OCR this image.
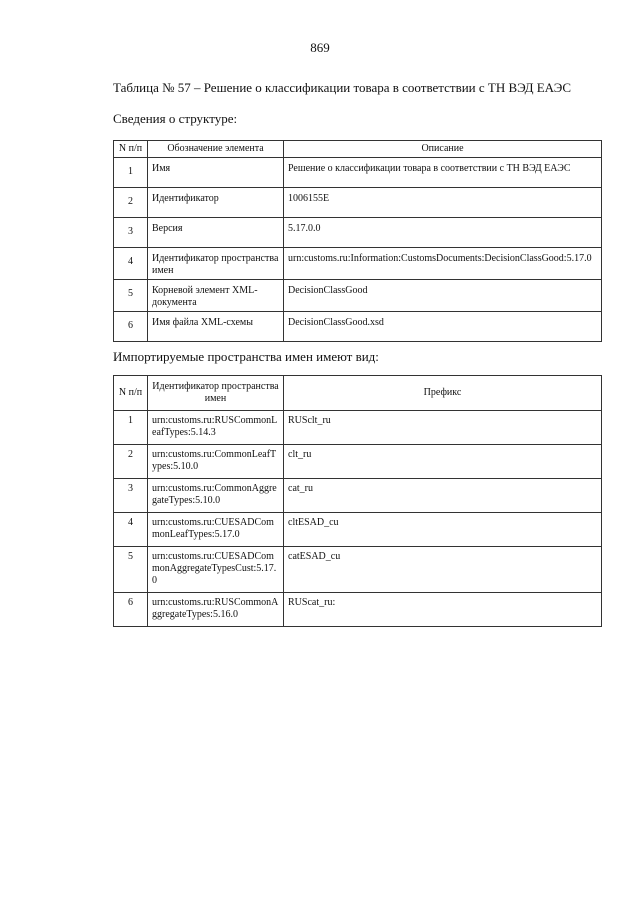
869
Таблица № 57 – Решение о классификации товара в соответствии с ТН ВЭД ЕАЭС
Сведения о структуре:
N п/п	Обозначение элемента	Описание
1	Имя	Решение о классификации товара в соответствии с ТН ВЭД ЕАЭС
2	Идентификатор	1006155E
3	Версия	5.17.0.0
4	Идентификатор пространства имен	urn:customs.ru:Information:CustomsDocuments:DecisionClassGood:5.17.0
5	Корневой элемент XML-документа	DecisionClassGood
6	Имя файла XML-схемы	DecisionClassGood.xsd
Импортируемые пространства имен имеют вид:
N п/п	Идентификатор пространства имен	Префикс
1	urn:customs.ru:RUSCommonLeafTypes:5.14.3	RUSclt_ru
2	urn:customs.ru:CommonLeafTypes:5.10.0	clt_ru
3	urn:customs.ru:CommonAggregateTypes:5.10.0	cat_ru
4	urn:customs.ru:CUESADCommonLeafTypes:5.17.0	cltESAD_cu
5	urn:customs.ru:CUESADCommonAggregateTypesCust:5.17.0	catESAD_cu
6	urn:customs.ru:RUSCommonAggregateTypes:5.16.0	RUScat_ru:
